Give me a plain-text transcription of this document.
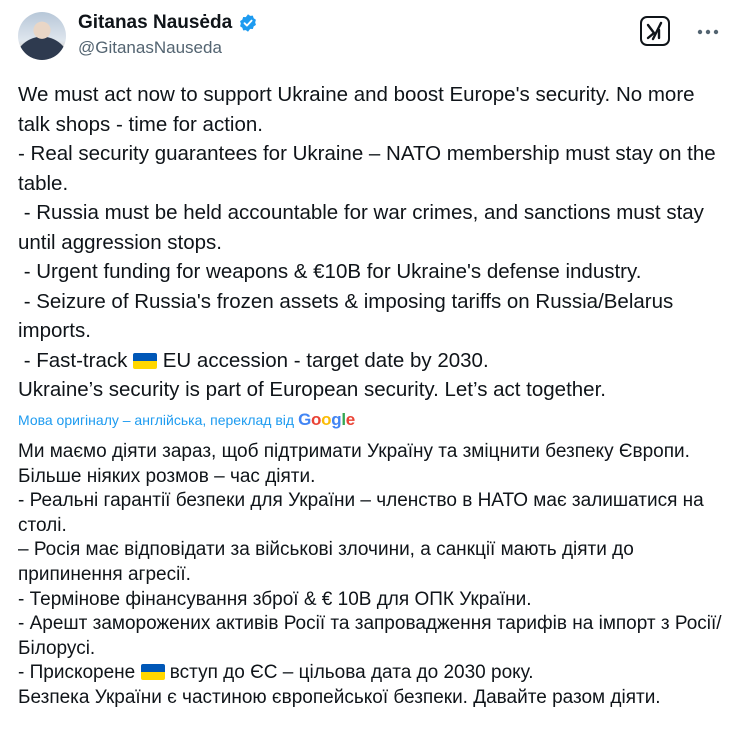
Gitanas Nausėda
@GitanasNauseda

We must act now to support Ukraine and boost Europe's security. No more talk shops - time for action.

- Real security guarantees for Ukraine – NATO membership must stay on the table.

- Russia must be held accountable for war crimes, and sanctions must stay until aggression stops.

- Urgent funding for weapons & €10B for Ukraine's defense industry.

- Seizure of Russia's frozen assets & imposing tariffs on Russia/Belarus imports.

- Fast-track  EU accession - target date by 2030.

Ukraine’s security is part of European security. Let’s act together.

Мова оригіналу – англійська, переклад від Google

Ми маємо діяти зараз, щоб підтримати Україну та зміцнити безпеку Європи. Більше ніяких розмов – час діяти.

- Реальні гарантії безпеки для України – членство в НАТО має залишатися на столі.

– Росія має відповідати за військові злочини, а санкції мають діяти до припинення агресії.

- Термінове фінансування зброї & € 10B для ОПК України.

- Арешт заморожених активів Росії та запровадження тарифів на імпорт з Росії/Білорусі.

- Прискорене  вступ до ЄС – цільова дата до 2030 року.

Безпека України є частиною європейської безпеки. Давайте разом діяти.
